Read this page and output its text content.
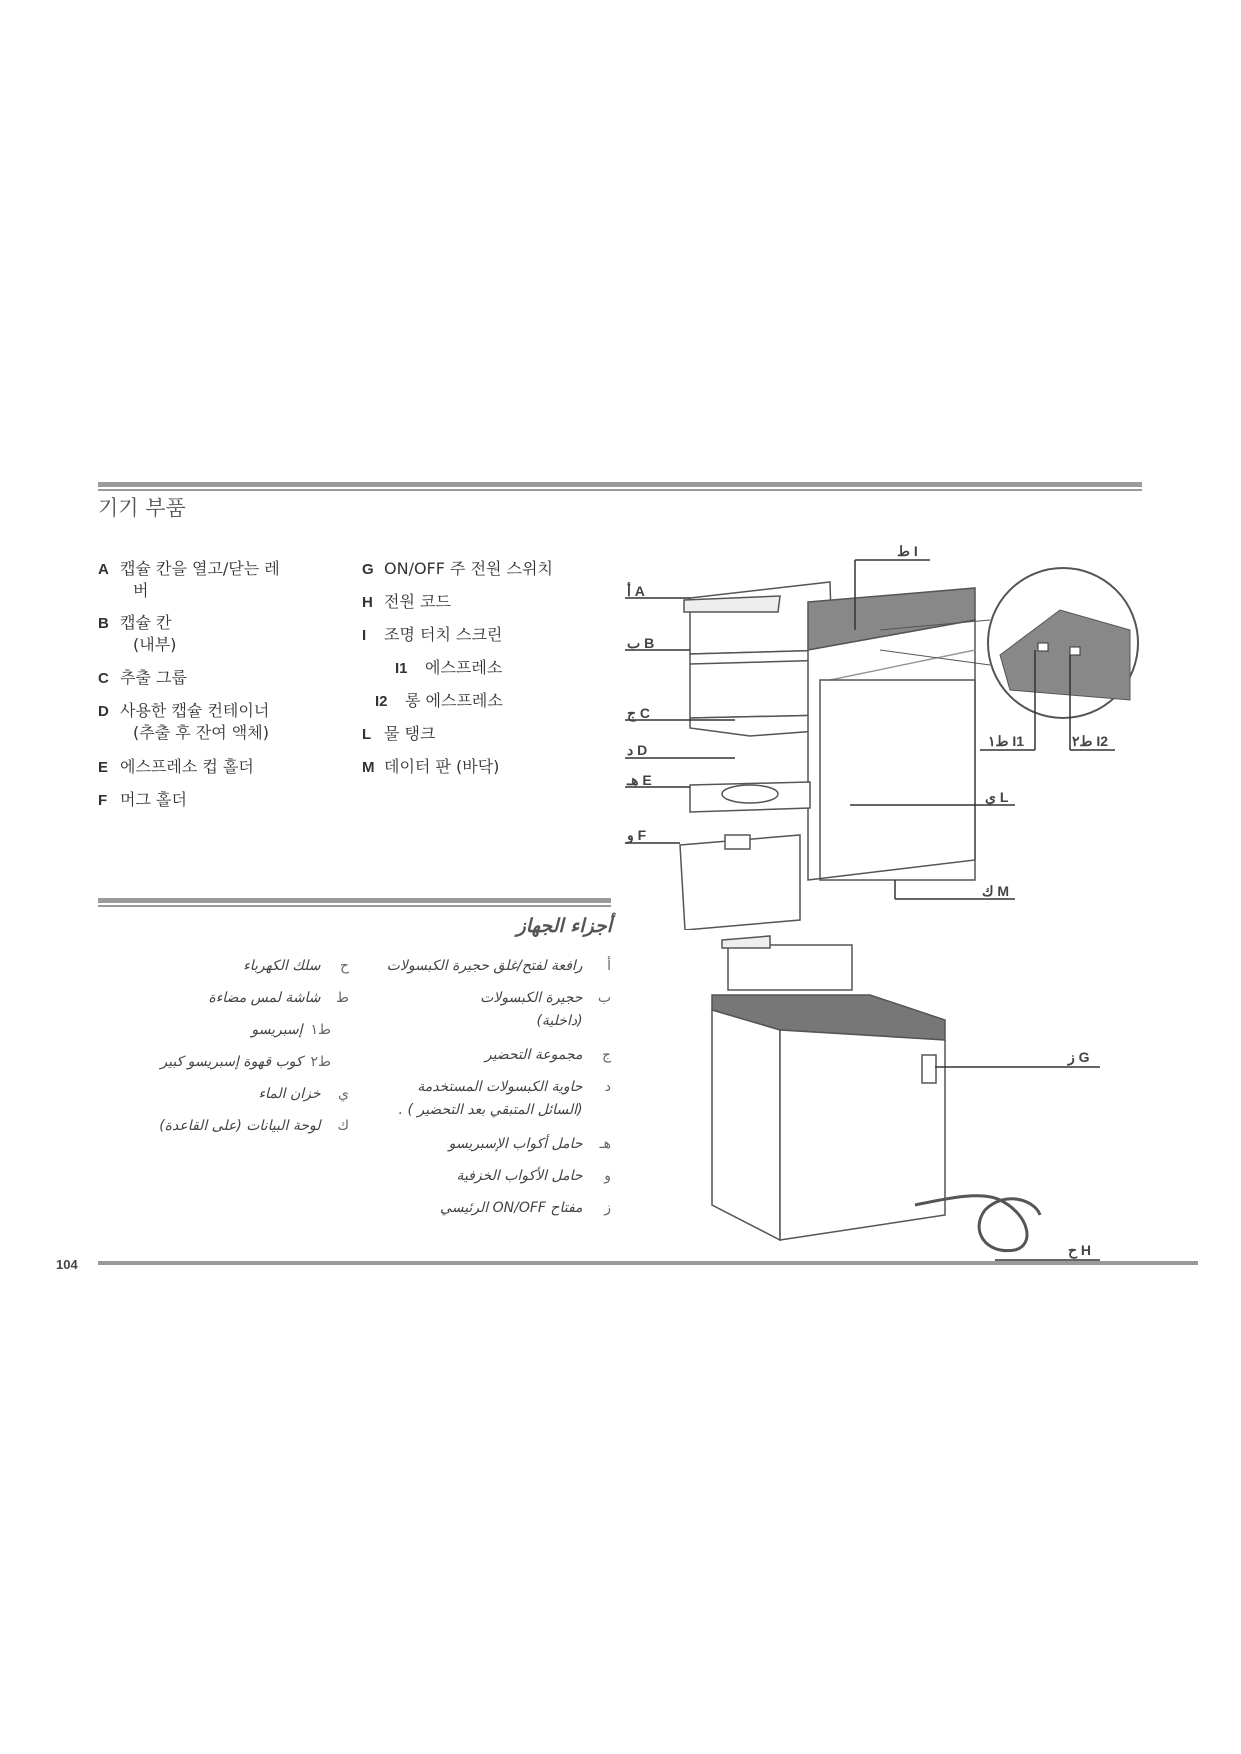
기기 부품
A 캡슐 칸을 열고/닫는 레
버
B 캡슐 칸
(내부)
C 추출 그룹
D 사용한 캡슐 컨테이너
(추출 후 잔여 액체)
E 에스프레소 컵 홀더
F 머그 홀더
G ON/OFF 주 전원 스위치
H 전원 코드
I 조명 터치 스크린
I1 에스프레소
I2 롱 에스프레소
L 물 탱크
M 데이터 판 (바닥)
أجزاء الجهاز
أ رافعة لفتح/غلق حجيرة الكبسولات
ب حجيرة الكبسولات
(داخلية)
ج مجموعة التحضير
د حاوية الكبسولات المستخدمة
(السائل المتبقي بعد التحضير ) .
هـ حامل أكواب الإسبريسو
و حامل الأكواب الخزفية
ز مفتاح ON/OFF الرئيسي
ح سلك الكهرباء
ط شاشة لمس مضاءة
ط١ إسبريسو
ط٢ كوب قهوة إسبريسو كبير
ي خزان الماء
ك لوحة البيانات (على القاعدة)
أ A
ب B
ج C
د D
هـ E
و F
ط I
ي L
ك M
ط١ I1	ط٢ I2
ز G
ح H
104
